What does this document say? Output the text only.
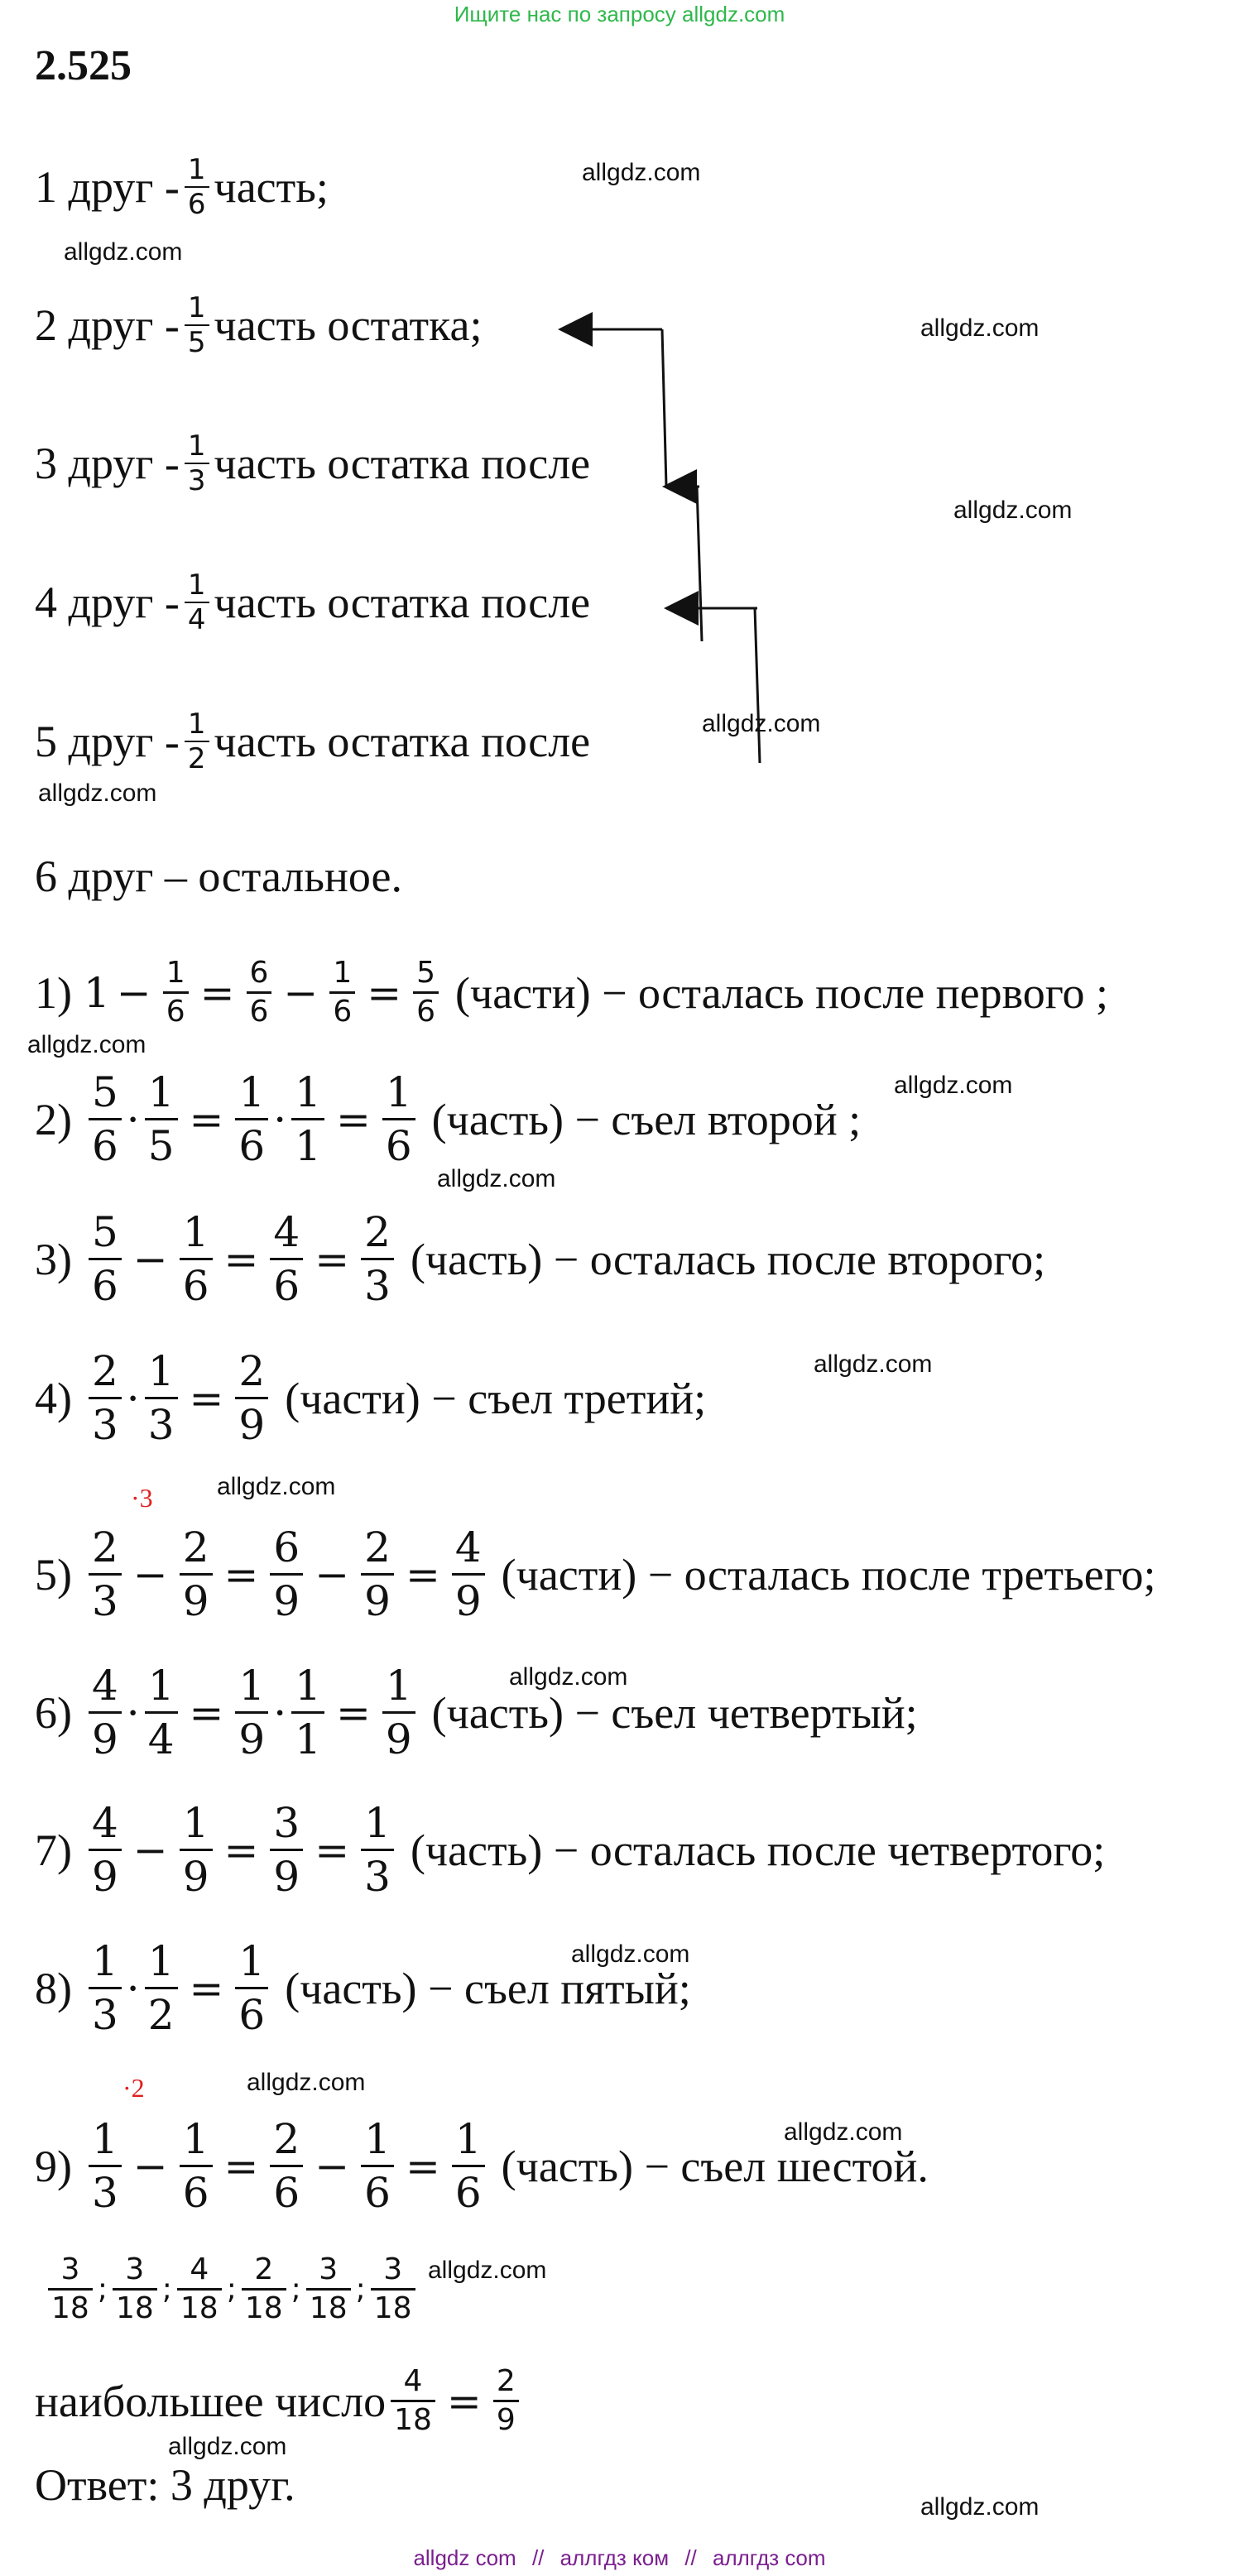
Ищите нас по запросу allgdz.com
2.525
1 друг - $\frac{1}{6}$ часть;
2 друг - $\frac{1}{5}$ часть остатка;
3 друг - $\frac{1}{3}$ часть остатка после
4 друг - $\frac{1}{4}$ часть остатка после
5 друг - $\frac{1}{2}$ часть остатка после
6 друг – остальное.
1) $1 - \frac{1}{6} = \frac{6}{6} - \frac{1}{6} = \frac{5}{6}$ (части) − осталась после первого ;
$2) \frac{5}{6} \cdot \frac{1}{5} = \frac{1}{6} \cdot \frac{1}{1} = \frac{1}{6}$ (часть) − съел второй ;
$3) \frac{5}{6} - \frac{1}{6} = \frac{4}{6} = \frac{2}{3}$ (часть) − осталась после второго;
$4) \frac{2}{3} \cdot \frac{1}{3} = \frac{2}{9}$ (части) − съел третий;
·3
$5) \frac{2}{3} - \frac{2}{9} = \frac{6}{9} - \frac{2}{9} = \frac{4}{9}$ (части) − осталась после третьего;
$6) \frac{4}{9} \cdot \frac{1}{4} = \frac{1}{9} \cdot \frac{1}{1} = \frac{1}{9}$ (часть) − съел четвертый;
$7) \frac{4}{9} - \frac{1}{9} = \frac{3}{9} = \frac{1}{3}$ (часть) − осталась после четвертого;
$8) \frac{1}{3} \cdot \frac{1}{2} = \frac{1}{6}$ (часть) − съел пятый;
·2
$9) \frac{1}{3} - \frac{1}{6} = \frac{2}{6} - \frac{1}{6} = \frac{1}{6}$ (часть) − съел шестой.
$\frac{3}{18}$ ; $\frac{3}{18}$ ; $\frac{4}{18}$ ; $\frac{2}{18}$ ; $\frac{3}{18}$ ; $\frac{3}{18}$
наибольшее число $\frac{4}{18} = \frac{2}{9}$
Ответ: 3 друг.
allgdz.com
allgdz.com
allgdz.com
allgdz.com
allgdz.com
allgdz.com
allgdz.com
allgdz.com
allgdz.com
allgdz.com
allgdz.com
allgdz.com
allgdz.com
allgdz.com
allgdz.com
allgdz.com
allgdz.com
allgdz.com
allgdz com // аллгдз ком // аллгдз com
